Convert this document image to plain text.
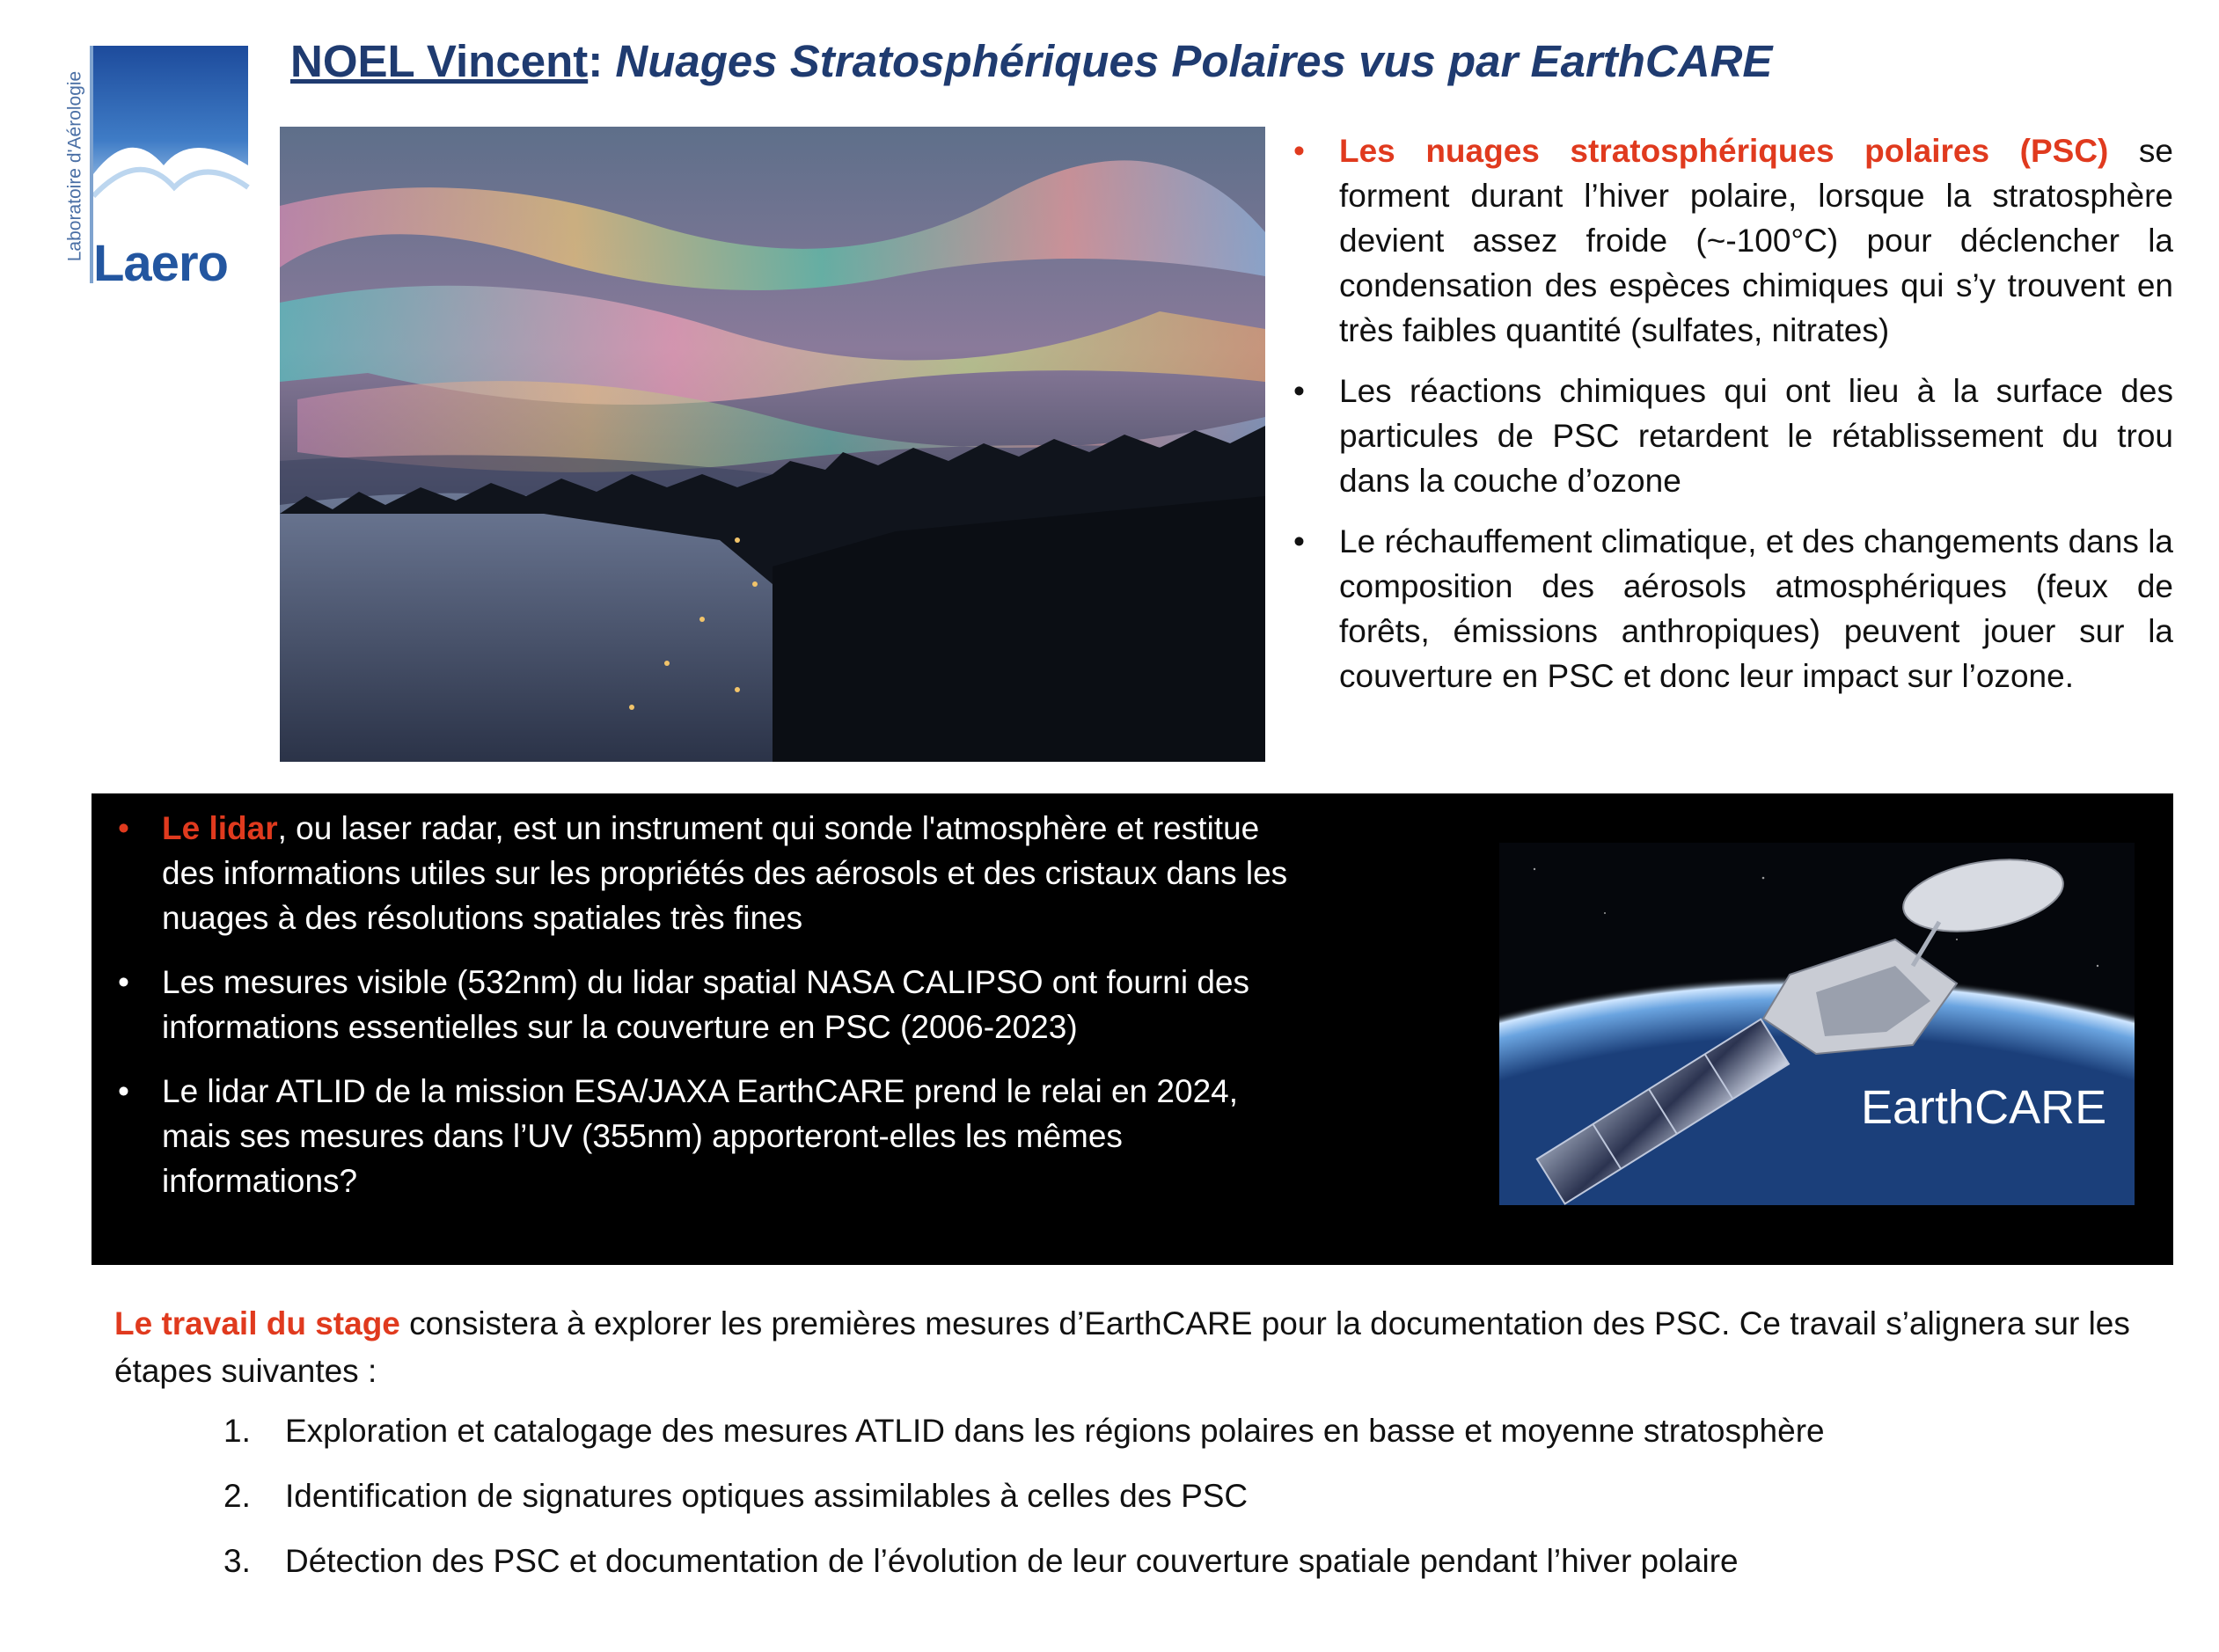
Laboratoire d'Aérologie
Laero
NOEL Vincent: Nuages Stratosphériques Polaires vus par EarthCARE
• Les nuages stratosphériques polaires (PSC) se forment durant l’hiver polaire, lorsque la stratosphère devient assez froide (~-100°C) pour déclencher la condensation des espèces chimiques qui s’y trouvent en très faibles quantité (sulfates, nitrates)
• Les réactions chimiques qui ont lieu à la surface des particules de PSC retardent le rétablissement du trou dans la couche d’ozone
• Le réchauffement climatique, et des changements dans la composition des aérosols atmosphériques (feux de forêts, émissions anthropiques) peuvent jouer sur la couverture en PSC et donc leur impact sur l’ozone.
• Le lidar, ou laser radar, est un instrument qui sonde l'atmosphère et restitue des informations utiles sur les propriétés des aérosols et des cristaux dans les nuages à des résolutions spatiales très fines
• Les mesures visible (532nm) du lidar spatial NASA CALIPSO ont fourni des informations essentielles sur la couverture en PSC (2006-2023)
• Le lidar ATLID de la mission ESA/JAXA EarthCARE prend le relai en 2024, mais ses mesures dans l’UV (355nm) apporteront-elles les mêmes informations?
EarthCARE
Le travail du stage consistera à explorer les premières mesures d’EarthCARE pour la documentation des PSC. Ce travail s’alignera sur les étapes suivantes :
1.	Exploration et catalogage des mesures ATLID dans les régions polaires en basse et moyenne stratosphère
2.	Identification de signatures optiques assimilables à celles des PSC
3.	Détection des PSC et documentation de l’évolution de leur couverture spatiale pendant l’hiver polaire
